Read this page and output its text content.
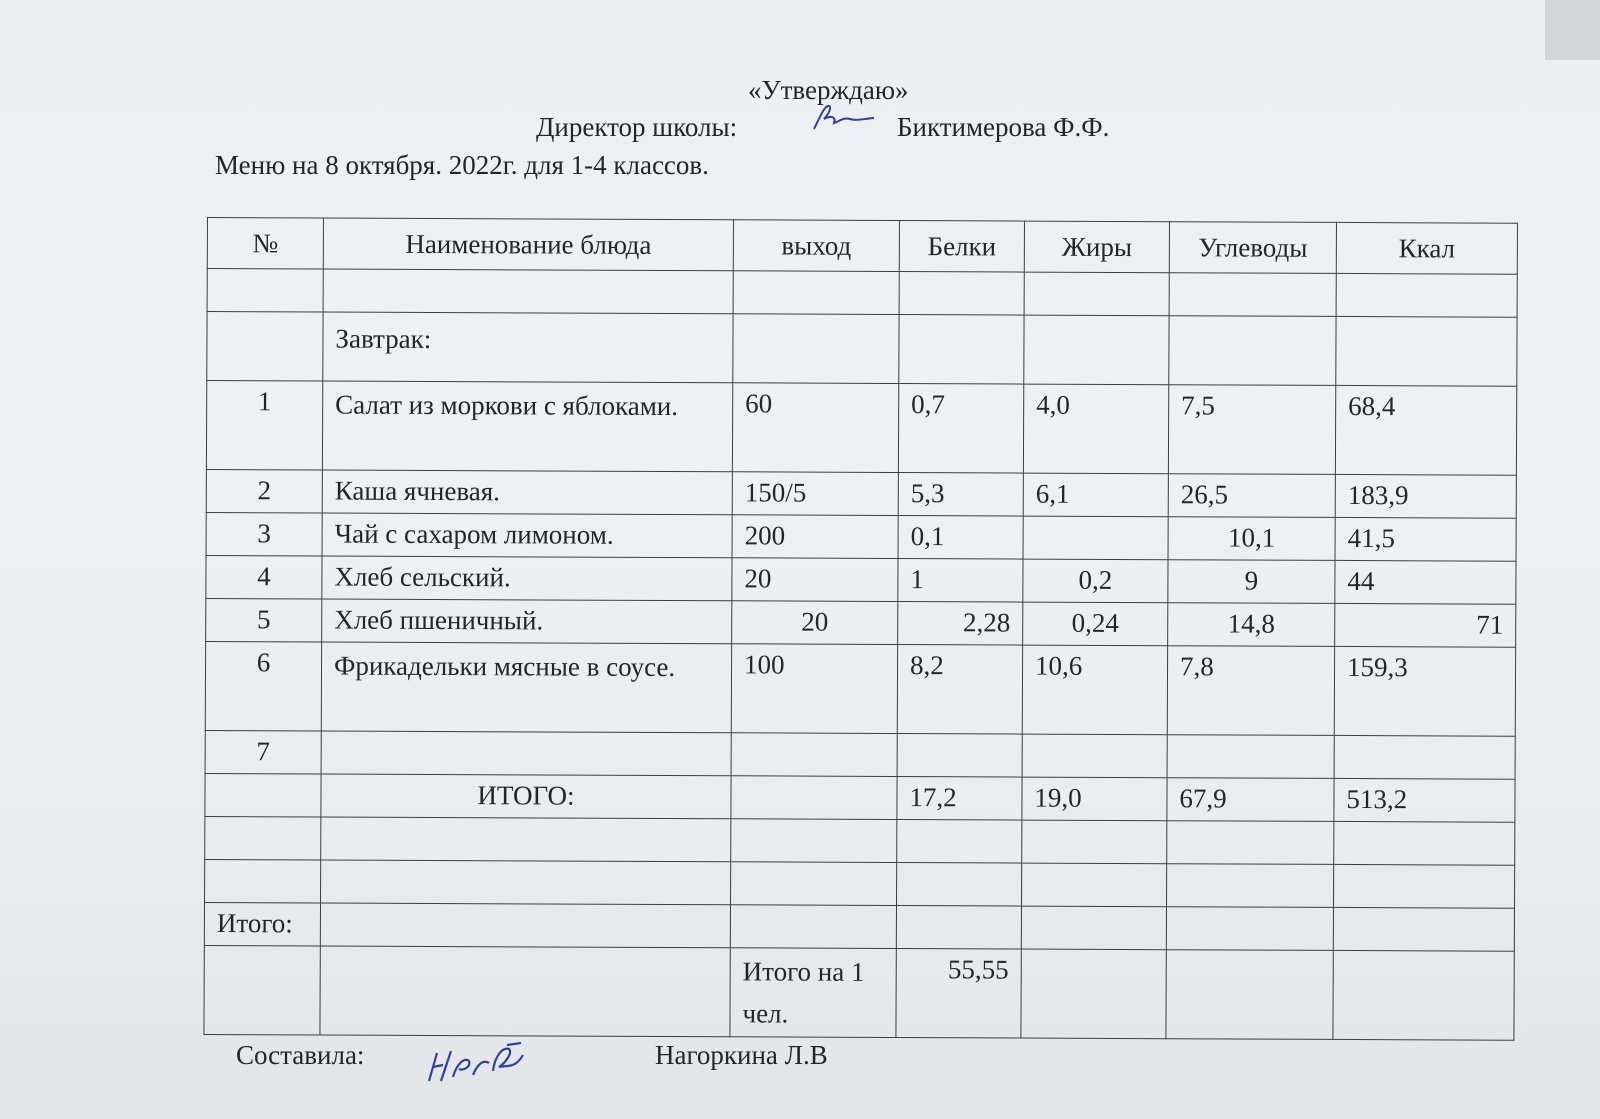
«Утверждаю»
Директор школы:	Биктимерова Ф.Ф.
Меню на 8 октября. 2022г. для 1-4 классов.
№	Наименование блюда	выход	Белки	Жиры	Углеводы	Ккал

	Завтрак:					
1	Салат из моркови с яблоками.	60	0,7	4,0	7,5	68,4
2	Каша ячневая.	150/5	5,3	6,1	26,5	183,9
3	Чай с сахаром лимоном.	200	0,1		10,1	41,5
4	Хлеб сельский.	20	1	0,2	9	44
5	Хлеб пшеничный.	20	2,28	0,24	14,8	71
6	Фрикадельки мясные в соусе.	100	8,2	10,6	7,8	159,3
7						
	ИТОГО:		17,2	19,0	67,9	513,2

Итого:						
		Итого на 1 чел.	55,55			
Составила:	Нагоркина Л.В
